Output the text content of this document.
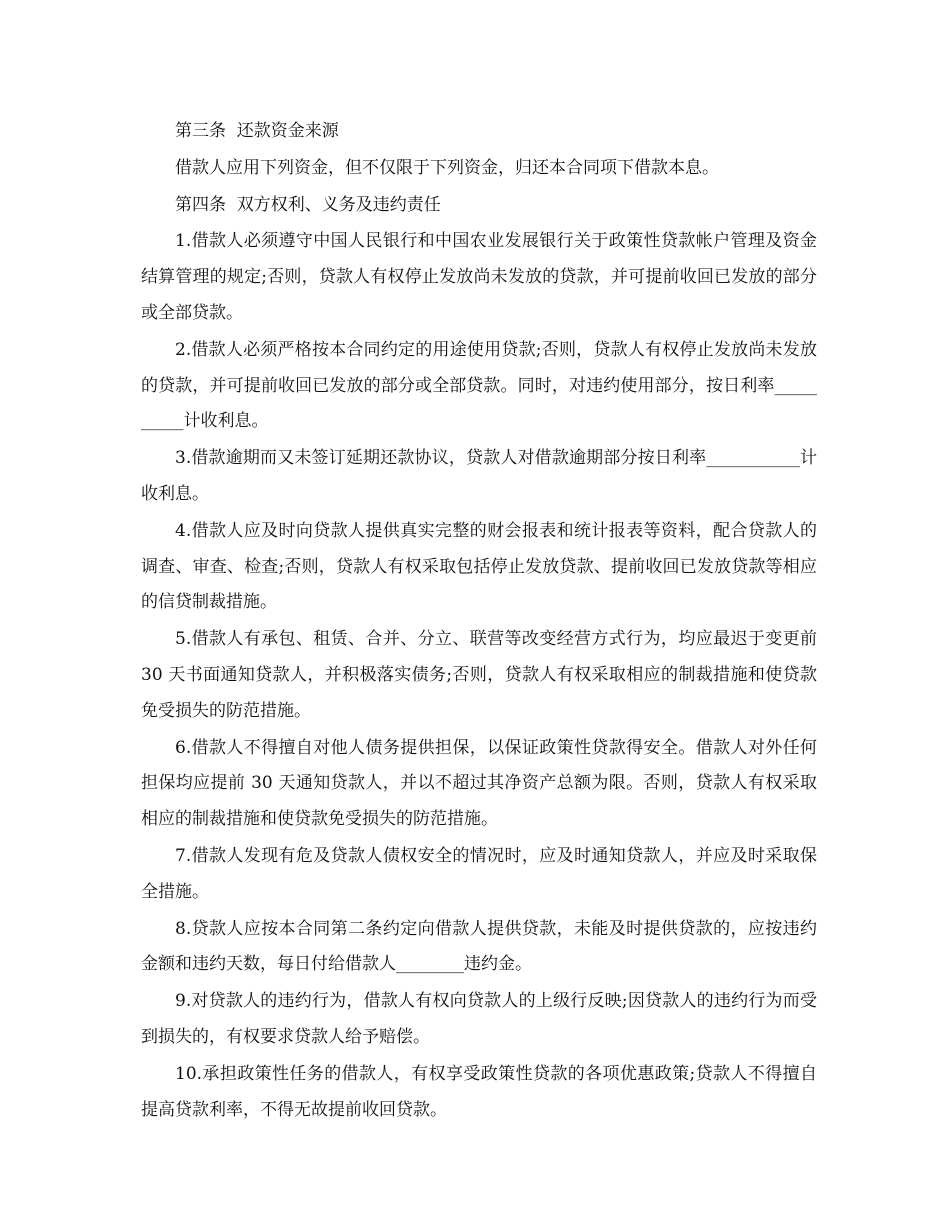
第三条  还款资金来源

借款人应用下列资金，但不仅限于下列资金，归还本合同项下借款本息。

第四条  双方权利、义务及违约责任

1.借款人必须遵守中国人民银行和中国农业发展银行关于政策性贷款帐户管理及资金结算管理的规定;否则，贷款人有权停止发放尚未发放的贷款，并可提前收回已发放的部分或全部贷款。

2.借款人必须严格按本合同约定的用途使用贷款;否则，贷款人有权停止发放尚未发放的贷款，并可提前收回已发放的部分或全部贷款。同时，对违约使用部分，按日利率__________计收利息。

3.借款逾期而又未签订延期还款协议，贷款人对借款逾期部分按日利率___________计收利息。

4.借款人应及时向贷款人提供真实完整的财会报表和统计报表等资料，配合贷款人的调查、审查、检查;否则，贷款人有权采取包括停止发放贷款、提前收回已发放贷款等相应的信贷制裁措施。

5.借款人有承包、租赁、合并、分立、联营等改变经营方式行为，均应最迟于变更前 30 天书面通知贷款人，并积极落实债务;否则，贷款人有权采取相应的制裁措施和使贷款免受损失的防范措施。

6.借款人不得擅自对他人债务提供担保，以保证政策性贷款得安全。借款人对外任何担保均应提前 30 天通知贷款人，并以不超过其净资产总额为限。否则，贷款人有权采取相应的制裁措施和使贷款免受损失的防范措施。

7.借款人发现有危及贷款人债权安全的情况时，应及时通知贷款人，并应及时采取保全措施。

8.贷款人应按本合同第二条约定向借款人提供贷款，未能及时提供贷款的，应按违约金额和违约天数，每日付给借款人________违约金。

9.对贷款人的违约行为，借款人有权向贷款人的上级行反映;因贷款人的违约行为而受到损失的，有权要求贷款人给予赔偿。

10.承担政策性任务的借款人，有权享受政策性贷款的各项优惠政策;贷款人不得擅自提高贷款利率，不得无故提前收回贷款。
